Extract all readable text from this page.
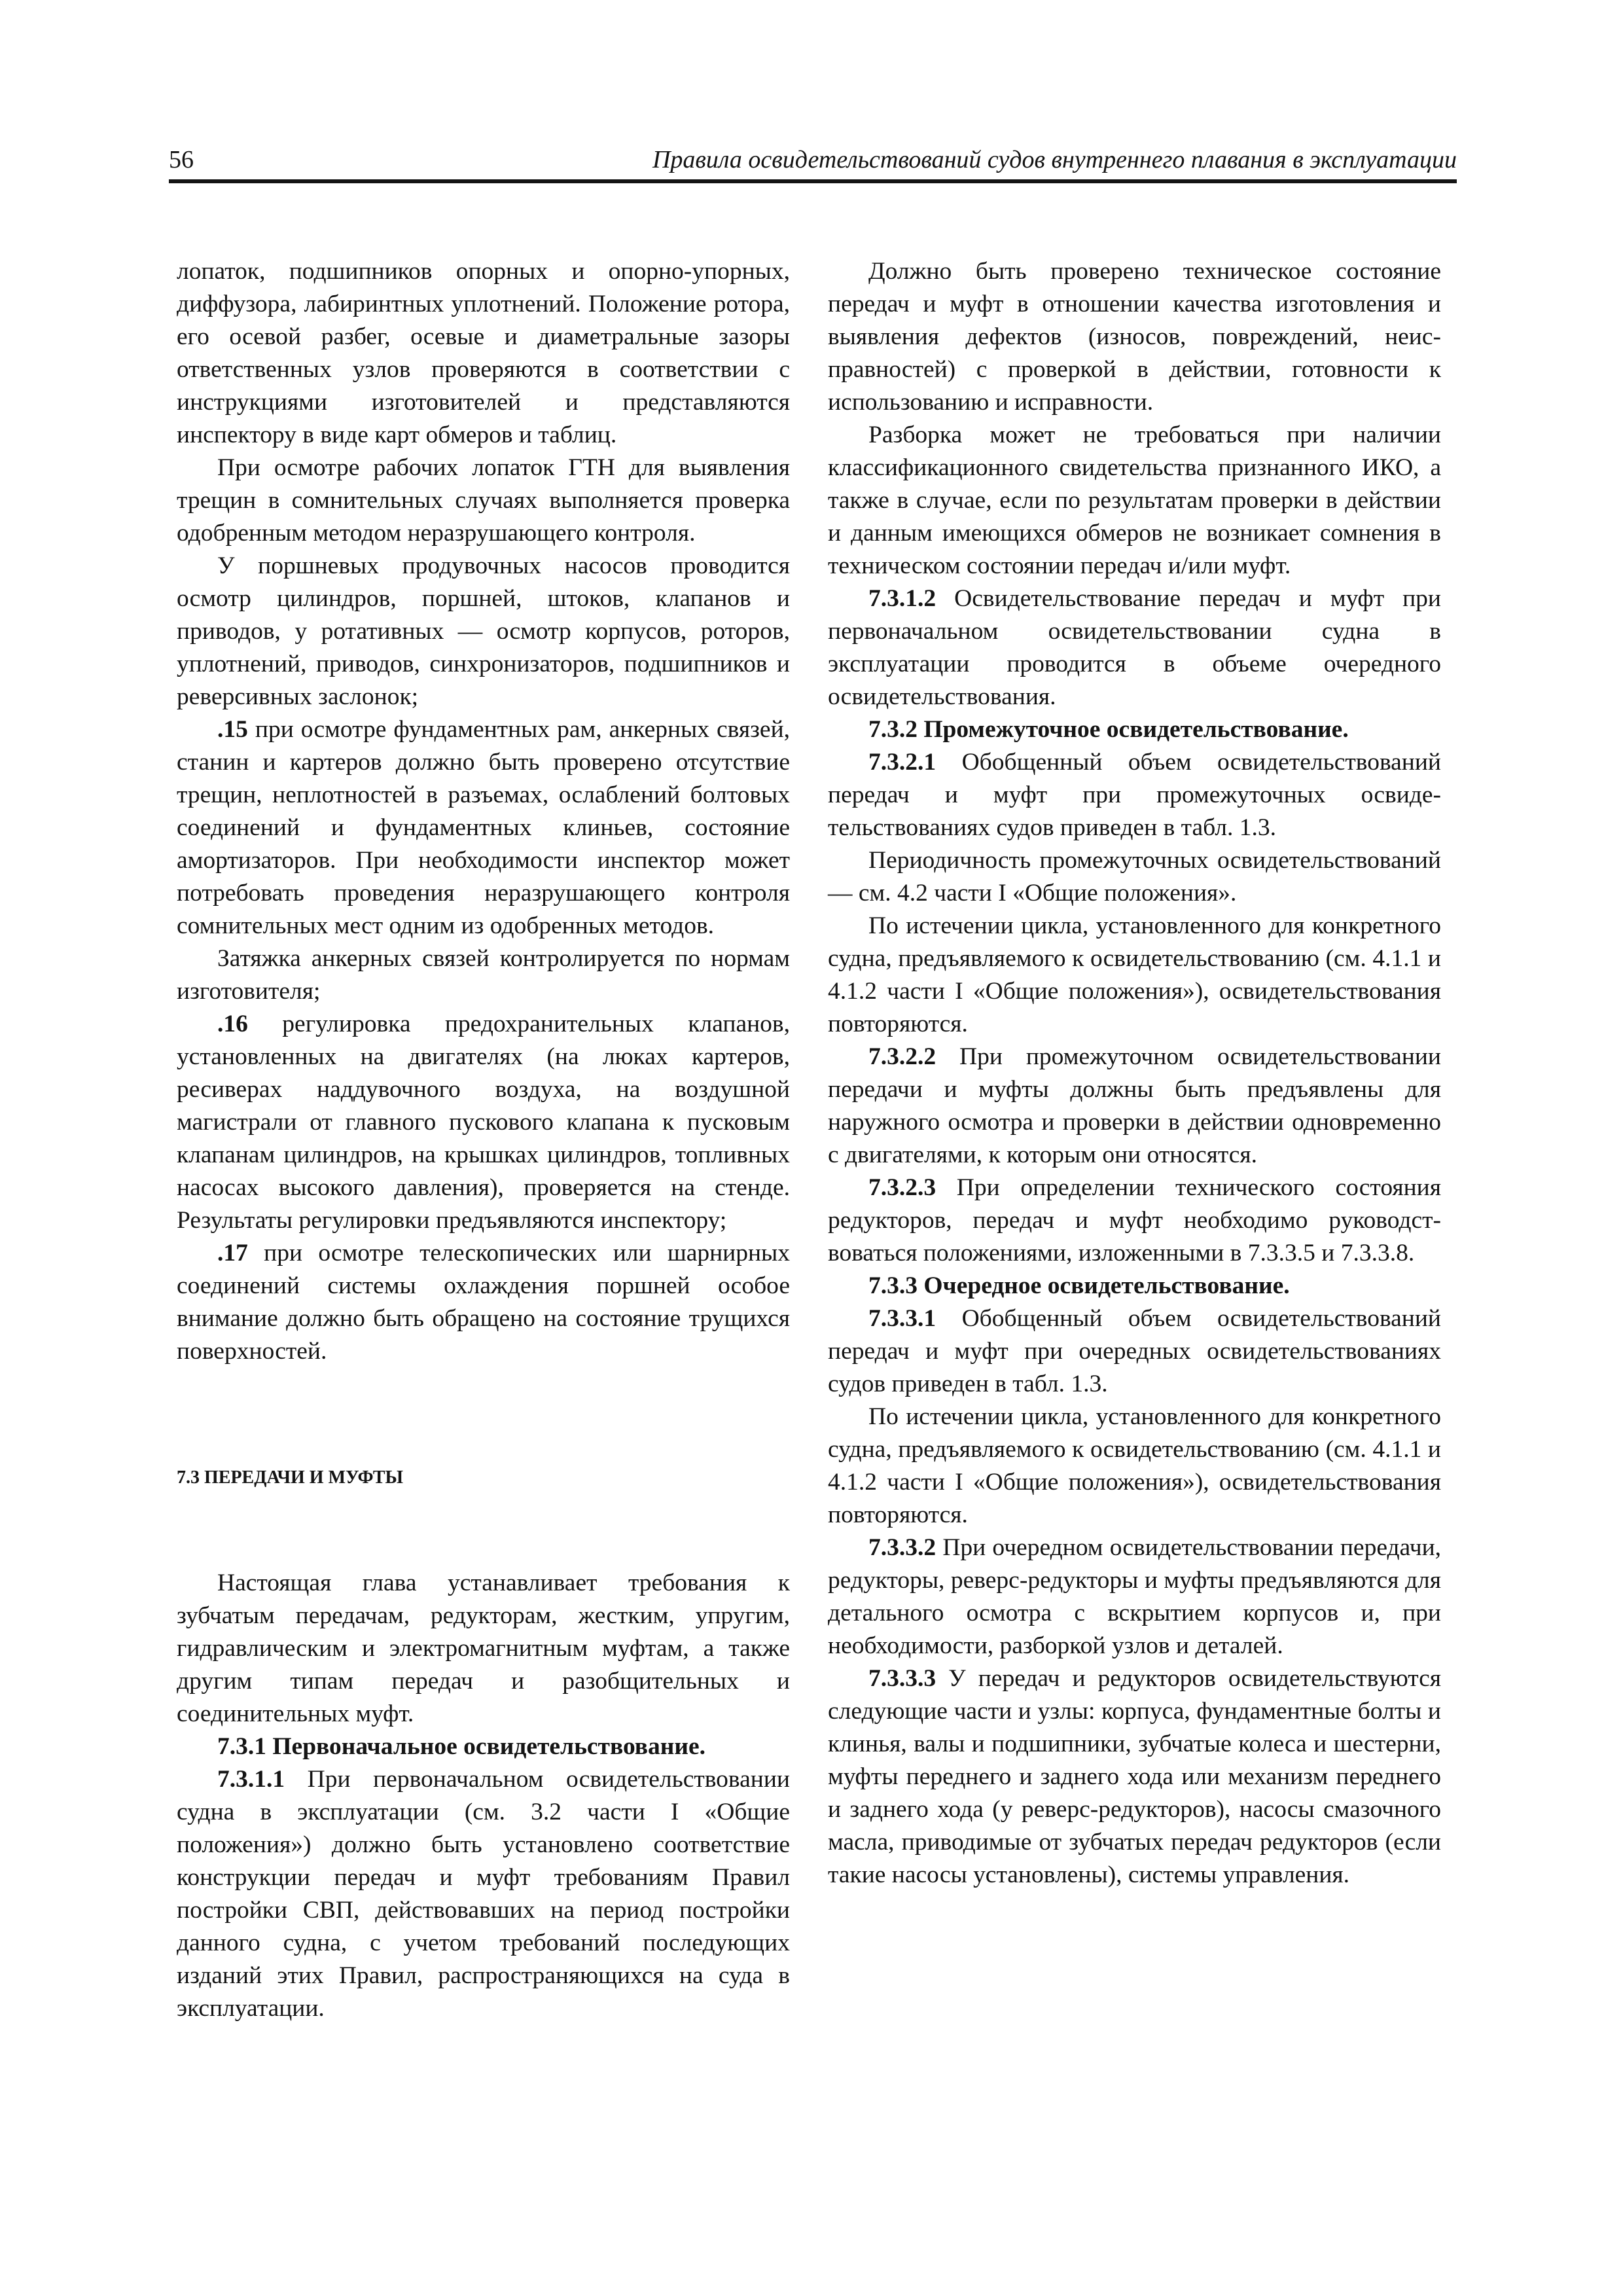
56	Правила освидетельствований судов внутреннего плавания в эксплуатации

лопаток, подшипников опорных и опорно-упорных, диффузора, лабиринтных уплотнений. Положение ротора, его осевой разбег, осевые и диаметральные зазоры ответственных узлов проверяются в соответствии с инструкциями изготовителей и представляются инспектору в виде карт обмеров и таблиц.

При осмотре рабочих лопаток ГТН для выявления трещин в сомнительных случаях выполняется проверка одобренным методом неразрушающего контроля.

У поршневых продувочных насосов проводится осмотр цилиндров, поршней, штоков, клапанов и приводов, у ротативных — осмотр корпусов, роторов, уплотнений, приводов, синхронизаторов, подшипников и реверсивных заслонок;

.15 при осмотре фундаментных рам, анкерных связей, станин и картеров должно быть проверено отсутствие трещин, неплотностей в разъемах, ослаблений болтовых соединений и фундаментных клиньев, состояние амортизаторов. При необходимости инспектор может потребовать проведения неразрушающего контроля сомнительных мест одним из одобренных методов.

Затяжка анкерных связей контролируется по нормам изготовителя;

.16 регулировка предохранительных клапанов, установленных на двигателях (на люках картеров, ресиверах наддувочного воздуха, на воздушной магистрали от главного пускового клапана к пусковым клапанам цилиндров, на крышках цилиндров, топливных насосах высокого давления), проверяется на стенде. Результаты регулировки предъявляются инспектору;

.17 при осмотре телескопических или шарнирных соединений системы охлаждения поршней особое внимание должно быть обращено на состояние трущихся поверхностей.

7.3 ПЕРЕДАЧИ И МУФТЫ

Настоящая глава устанавливает требования к зубчатым передачам, редукторам, жестким, упругим, гидравлическим и электромагнитным муфтам, а также другим типам передач и разобщительных и соединительных муфт.

7.3.1 Первоначальное освидетельствование.

7.3.1.1 При первоначальном освидетельствовании судна в эксплуатации (см. 3.2 части I «Общие положения») должно быть установлено соответствие конструкции передач и муфт требованиям Правил постройки СВП, действовавших на период постройки данного судна, с учетом требований последующих изданий этих Правил, распространяющихся на суда в эксплуатации.

Должно быть проверено техническое состояние передач и муфт в отношении качества изготовления и выявления дефектов (износов, повреждений, неисправностей) с проверкой в действии, готовности к использованию и исправности.

Разборка может не требоваться при наличии классификационного свидетельства признанного ИКО, а также в случае, если по результатам проверки в действии и данным имеющихся обмеров не возникает сомнения в техническом состоянии передач и/или муфт.

7.3.1.2 Освидетельствование передач и муфт при первоначальном освидетельствовании судна в эксплуатации проводится в объеме очередного освидетельствования.

7.3.2 Промежуточное освидетельствование.

7.3.2.1 Обобщенный объем освидетельствований передач и муфт при промежуточных освидетельствованиях судов приведен в табл. 1.3.

Периодичность промежуточных освидетельствований — см. 4.2 части I «Общие положения».

По истечении цикла, установленного для конкретного судна, предъявляемого к освидетельствованию (см. 4.1.1 и 4.1.2 части I «Общие положения»), освидетельствования повторяются.

7.3.2.2 При промежуточном освидетельствовании передачи и муфты должны быть предъявлены для наружного осмотра и проверки в действии одновременно с двигателями, к которым они относятся.

7.3.2.3 При определении технического состояния редукторов, передач и муфт необходимо руководствоваться положениями, изложенными в 7.3.3.5 и 7.3.3.8.

7.3.3 Очередное освидетельствование.

7.3.3.1 Обобщенный объем освидетельствований передач и муфт при очередных освидетельствованиях судов приведен в табл. 1.3.

По истечении цикла, установленного для конкретного судна, предъявляемого к освидетельствованию (см. 4.1.1 и 4.1.2 части I «Общие положения»), освидетельствования повторяются.

7.3.3.2 При очередном освидетельствовании передачи, редукторы, реверс-редукторы и муфты предъявляются для детального осмотра с вскрытием корпусов и, при необходимости, разборкой узлов и деталей.

7.3.3.3 У передач и редукторов освидетельствуются следующие части и узлы: корпуса, фундаментные болты и клинья, валы и подшипники, зубчатые колеса и шестерни, муфты переднего и заднего хода или механизм переднего и заднего хода (у реверс-редукторов), насосы смазочного масла, приводимые от зубчатых передач редукторов (если такие насосы установлены), системы управления.
